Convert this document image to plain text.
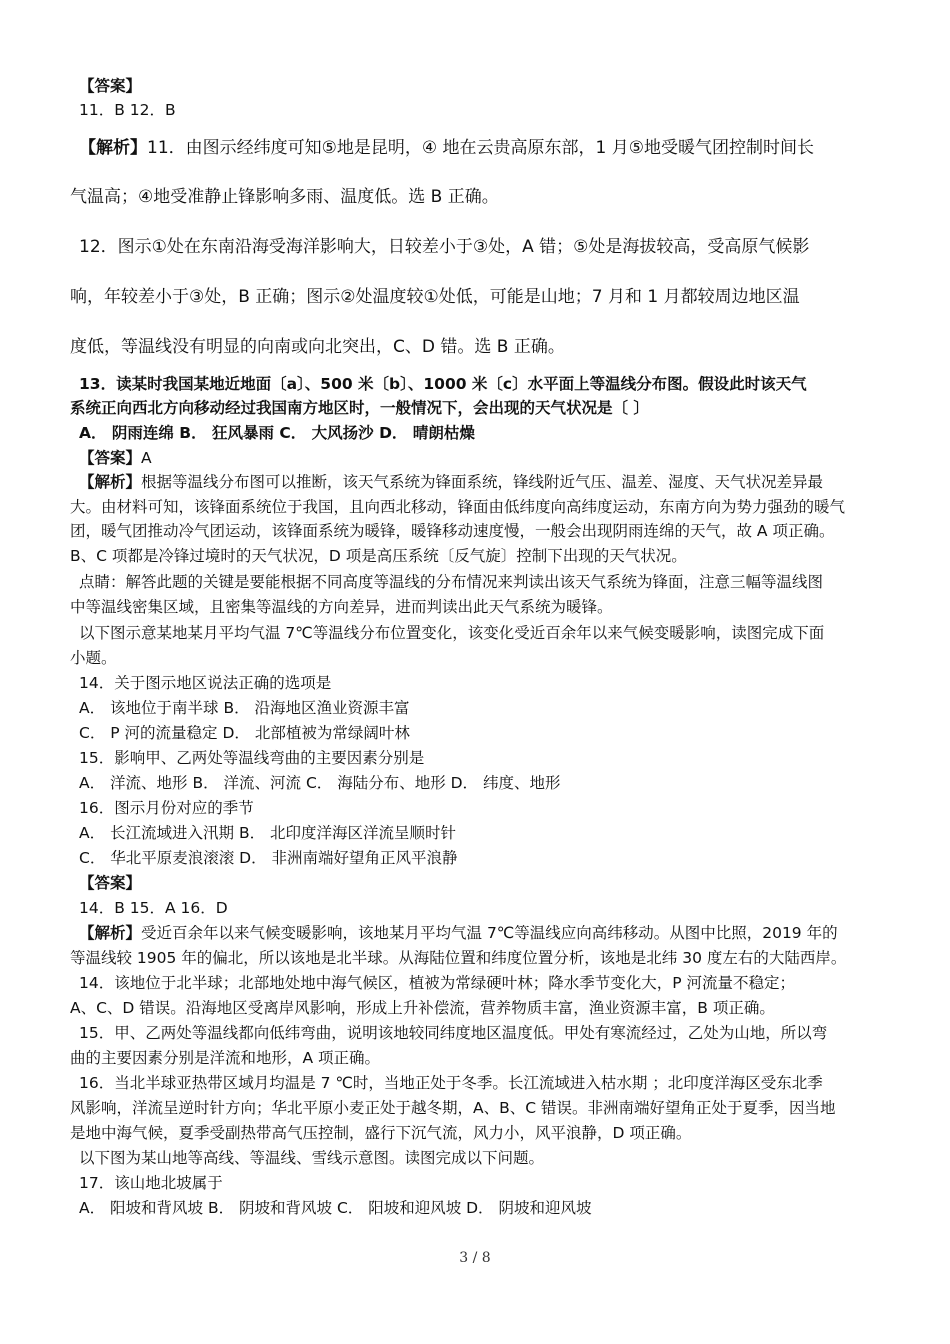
【答案】
11．B 12．B
【解析】11．由图示经纬度可知⑤地是昆明，④ 地在云贵高原东部，1 月⑤地受暖气团控制时间长
气温高；④地受准静止锋影响多雨、温度低。选 B 正确。
12．图示①处在东南沿海受海洋影响大，日较差小于③处，A 错；⑤处是海拔较高，受高原气候影
响，年较差小于③处，B 正确；图示②处温度较①处低，可能是山地；7 月和 1 月都较周边地区温
度低，等温线没有明显的向南或向北突出，C、D 错。选 B 正确。
13．读某时我国某地近地面〔a〕、500 米〔b〕、1000 米〔c〕水平面上等温线分布图。假设此时该天气
系统正向西北方向移动经过我国南方地区时，一般情况下，会出现的天气状况是〔 〕
A． 阴雨连绵 B． 狂风暴雨 C． 大风扬沙 D． 晴朗枯燥
【答案】A
【解析】根据等温线分布图可以推断，该天气系统为锋面系统，锋线附近气压、温差、湿度、天气状况差异最
大。由材料可知，该锋面系统位于我国，且向西北移动，锋面由低纬度向高纬度运动，东南方向为势力强劲的暖气
团，暖气团推动冷气团运动，该锋面系统为暖锋，暖锋移动速度慢，一般会出现阴雨连绵的天气，故 A 项正确。
B、C 项都是冷锋过境时的天气状况，D 项是高压系统〔反气旋〕控制下出现的天气状况。
点睛：解答此题的关键是要能根据不同高度等温线的分布情况来判读出该天气系统为锋面，注意三幅等温线图
中等温线密集区域，且密集等温线的方向差异，进而判读出此天气系统为暖锋。
以下图示意某地某月平均气温 7℃等温线分布位置变化，该变化受近百余年以来气候变暖影响，读图完成下面
小题。
14．关于图示地区说法正确的选项是
A． 该地位于南半球 B． 沿海地区渔业资源丰富
C． P 河的流量稳定 D． 北部植被为常绿阔叶林
15．影响甲、乙两处等温线弯曲的主要因素分别是
A． 洋流、地形 B． 洋流、河流 C． 海陆分布、地形 D． 纬度、地形
16．图示月份对应的季节
A． 长江流域进入汛期 B． 北印度洋海区洋流呈顺时针
C． 华北平原麦浪滚滚 D． 非洲南端好望角正风平浪静
【答案】
14．B 15．A 16．D
【解析】受近百余年以来气候变暖影响，该地某月平均气温 7℃等温线应向高纬移动。从图中比照，2019 年的
等温线较 1905 年的偏北，所以该地是北半球。从海陆位置和纬度位置分析，该地是北纬 30 度左右的大陆西岸。
14．该地位于北半球；北部地处地中海气候区，植被为常绿硬叶林；降水季节变化大，P 河流量不稳定；
A、C、D 错误。沿海地区受离岸风影响，形成上升补偿流，营养物质丰富，渔业资源丰富，B 项正确。
15．甲、乙两处等温线都向低纬弯曲，说明该地较同纬度地区温度低。甲处有寒流经过，乙处为山地，所以弯
曲的主要因素分别是洋流和地形，A 项正确。
16．当北半球亚热带区域月均温是 7 ℃时，当地正处于冬季。长江流域进入枯水期 ；北印度洋海区受东北季
风影响，洋流呈逆时针方向；华北平原小麦正处于越冬期，A、B、C 错误。非洲南端好望角正处于夏季，因当地
是地中海气候，夏季受副热带高气压控制，盛行下沉气流，风力小，风平浪静，D 项正确。
以下图为某山地等高线、等温线、雪线示意图。读图完成以下问题。
17．该山地北坡属于
A． 阳坡和背风坡 B． 阴坡和背风坡 C． 阳坡和迎风坡 D． 阴坡和迎风坡
3 / 8
